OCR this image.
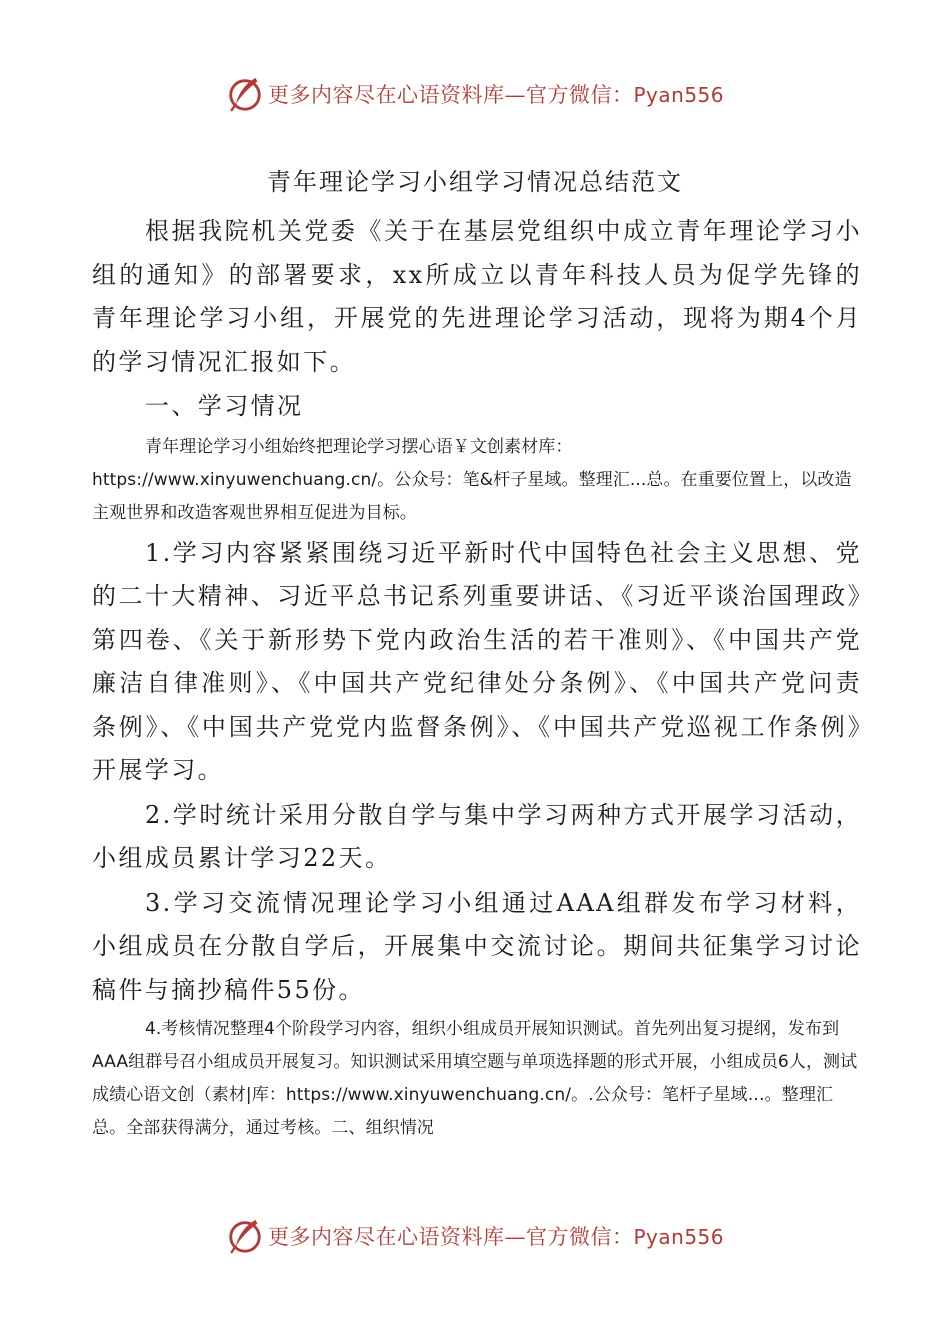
更多内容尽在心语资料库—官方微信：Pyan556
青年理论学习小组学习情况总结范文

根据我院机关党委《关于在基层党组织中成立青年理论学习小组的通知》的部署要求，xx所成立以青年科技人员为促学先锋的青年理论学习小组，开展党的先进理论学习活动，现将为期4个月的学习情况汇报如下。

一、学习情况

青年理论学习小组始终把理论学习摆心语￥文创素材库：https://www.xinyuwenchuang.cn/。公众号：笔&杆子星域。整理汇...总。在重要位置上，以改造主观世界和改造客观世界相互促进为目标。

1.学习内容紧紧围绕习近平新时代中国特色社会主义思想、党的二十大精神、习近平总书记系列重要讲话、《习近平谈治国理政》第四卷、《关于新形势下党内政治生活的若干准则》、《中国共产党廉洁自律准则》、《中国共产党纪律处分条例》、《中国共产党问责条例》、《中国共产党党内监督条例》、《中国共产党巡视工作条例》开展学习。

2.学时统计采用分散自学与集中学习两种方式开展学习活动，小组成员累计学习22天。

3.学习交流情况理论学习小组通过AAA组群发布学习材料，小组成员在分散自学后，开展集中交流讨论。期间共征集学习讨论稿件与摘抄稿件55份。

4.考核情况整理4个阶段学习内容，组织小组成员开展知识测试。首先列出复习提纲，发布到AAA组群号召小组成员开展复习。知识测试采用填空题与单项选择题的形式开展，小组成员6人，测试成绩心语文创（素材|库：https://www.xinyuwenchuang.cn/。.公众号：笔杆子星域…。整理汇总。全部获得满分，通过考核。二、组织情况

更多内容尽在心语资料库—官方微信：Pyan556
